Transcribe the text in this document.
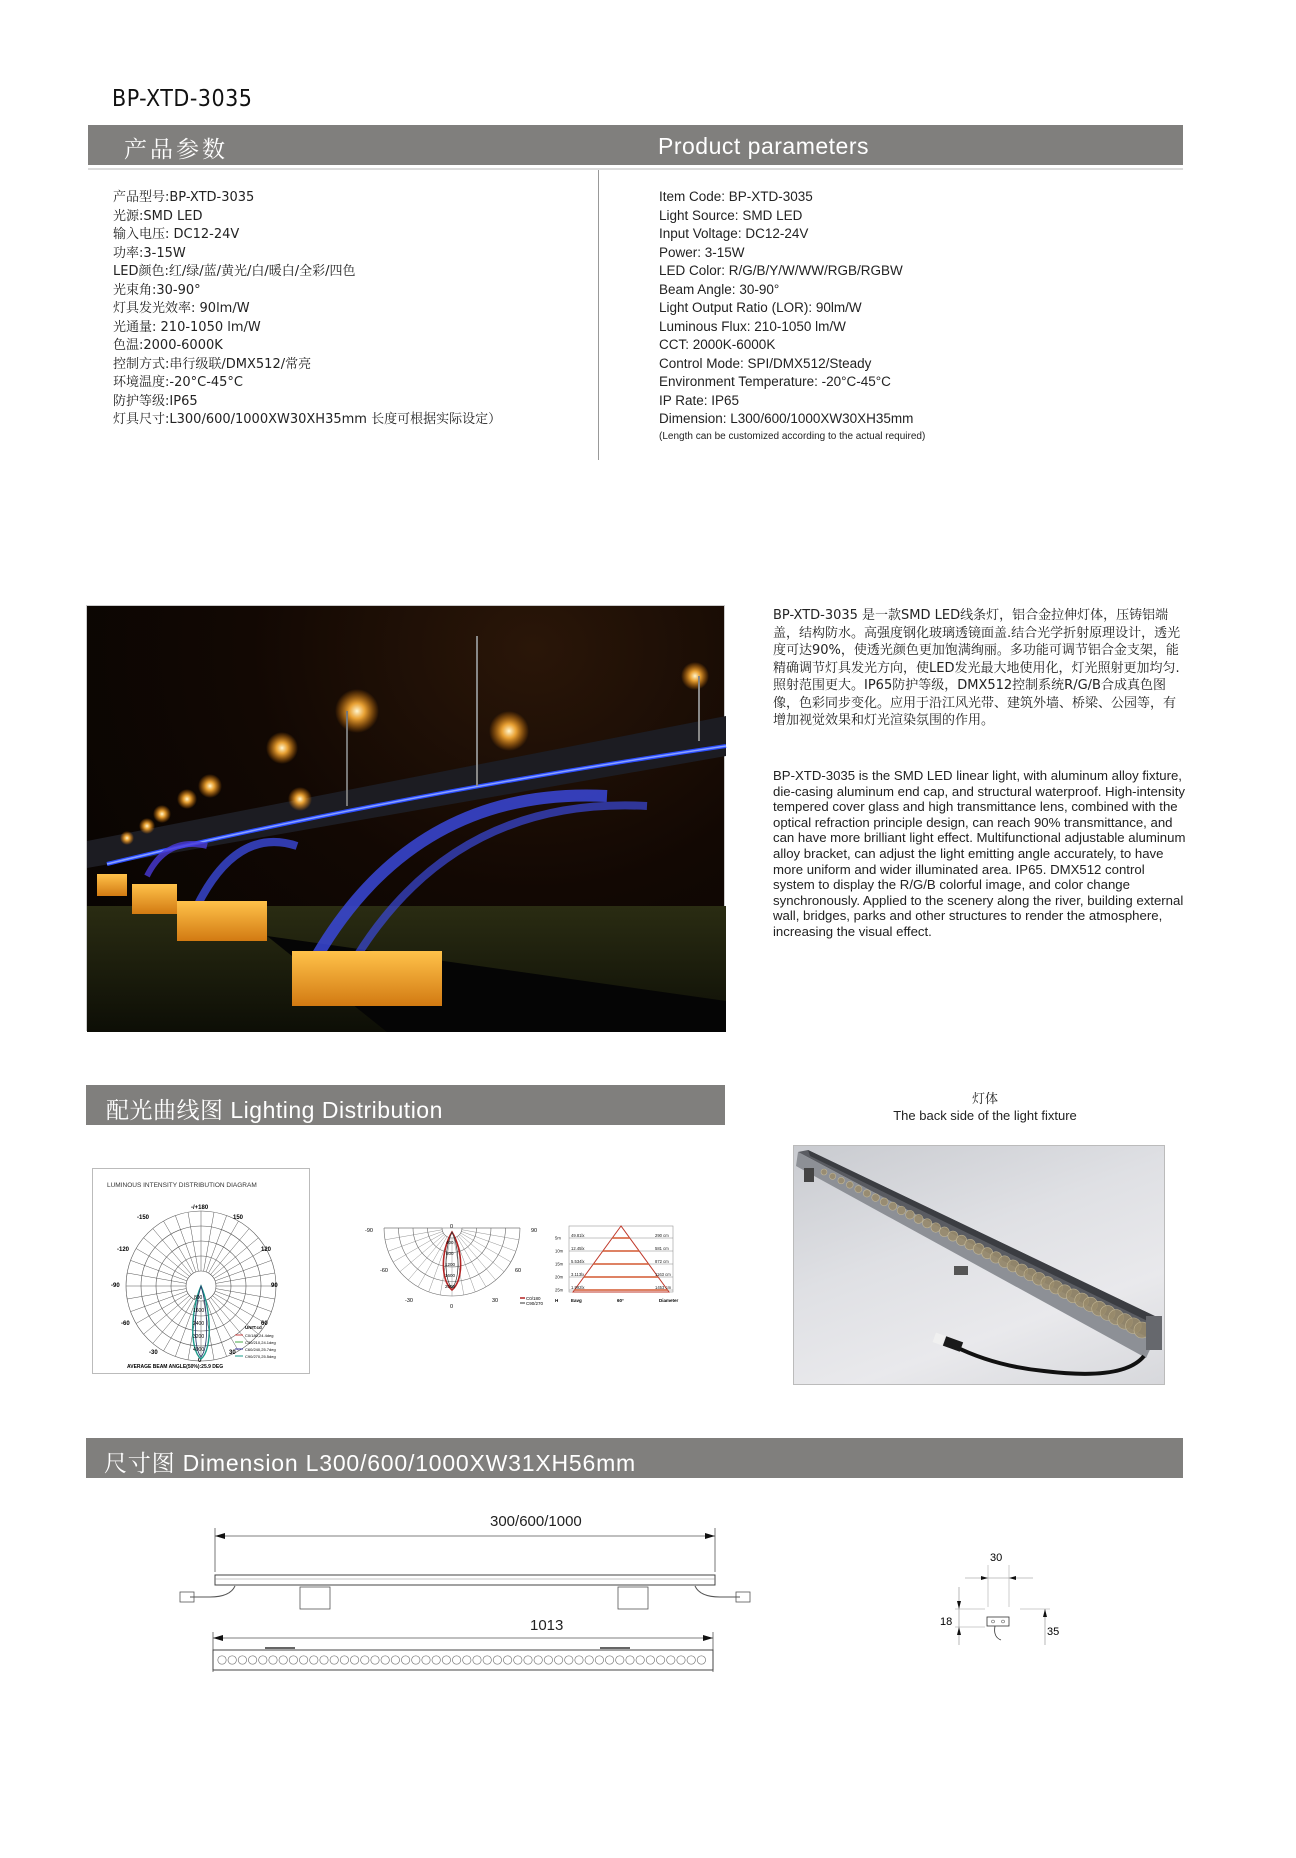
BP-XTD-3035
产品参数	Product parameters
产品型号:BP-XTD-3035
光源:SMD LED
输入电压: DC12-24V
功率:3-15W
LED颜色:红/绿/蓝/黄光/白/暖白/全彩/四色
光束角:30-90°
灯具发光效率: 90lm/W
光通量: 210-1050 lm/W
色温:2000-6000K
控制方式:串行级联/DMX512/常亮
环境温度:-20°C-45°C
防护等级:IP65
灯具尺寸:L300/600/1000XW30XH35mm 长度可根据实际设定）
Item Code: BP-XTD-3035
Light Source: SMD LED
Input Voltage: DC12-24V
Power: 3-15W
LED Color: R/G/B/Y/W/WW/RGB/RGBW
Beam Angle: 30-90°
Light Output Ratio (LOR): 90lm/W
Luminous Flux: 210-1050 lm/W
CCT: 2000K-6000K
Control Mode: SPI/DMX512/Steady
Environment Temperature: -20°C-45°C
IP Rate: IP65
Dimension: L300/600/1000XW30XH35mm
(Length can be customized according to the actual required)
BP-XTD-3035 是一款SMD LED线条灯，铝合金拉伸灯体，压铸铝端盖，结构防水。高强度钢化玻璃透镜面盖.结合光学折射原理设计，透光度可达90%，使透光颜色更加饱满绚丽。多功能可调节铝合金支架，能精确调节灯具发光方向，使LED发光最大地使用化，灯光照射更加均匀.照射范围更大。IP65防护等级，DMX512控制系统R/G/B合成真色图像，色彩同步变化。应用于沿江风光带、建筑外墙、桥梁、公园等，有增加视觉效果和灯光渲染氛围的作用。
BP-XTD-3035 is the SMD LED linear light, with aluminum alloy fixture, die-casing aluminum end cap, and structural waterproof. High-intensity tempered cover glass and high transmittance lens, combined with the optical refraction principle design, can reach 90% transmittance, and can have more brilliant light effect. Multifunctional adjustable aluminum alloy bracket, can adjust the light emitting angle accurately, to have more uniform and wider illuminated area. IP65. DMX512 control system to display the R/G/B colorful image, and color change synchronously. Applied to the scenery along the river, building external wall, bridges, parks and other structures to render the atmosphere, increasing the visual effect.
配光曲线图 Lighting Distribution	灯体
The back side of the light fixture
LUMINOUS INTENSITY DISTRIBUTION DIAGRAM
-/+180
-150	150
-120	120
-90	90
-60	60
-30	30
0
800
1600
2400
3200
4000
UNIT:cd
C0/180,24.4deg
C30/210,24.1deg
C60/240,25.7deg
C90/270,25.5deg
AVERAGE BEAM ANGLE(50%):25.9 DEG
-90
0
90
-60	60
-30	30
0
400
800
1200
1600
2000
C0/180
C90/270
5m 49.81lx	290 cm
10m 12.45lx	581 cm
15m 5.534lx	872 cm
20m 3.113lx	1163 cm
25m 1.992lx	1453 cm
H	Eavg	60°	Diameter
尺寸图 Dimension L300/600/1000XW31XH56mm
300/600/1000
1013
30
18
35
